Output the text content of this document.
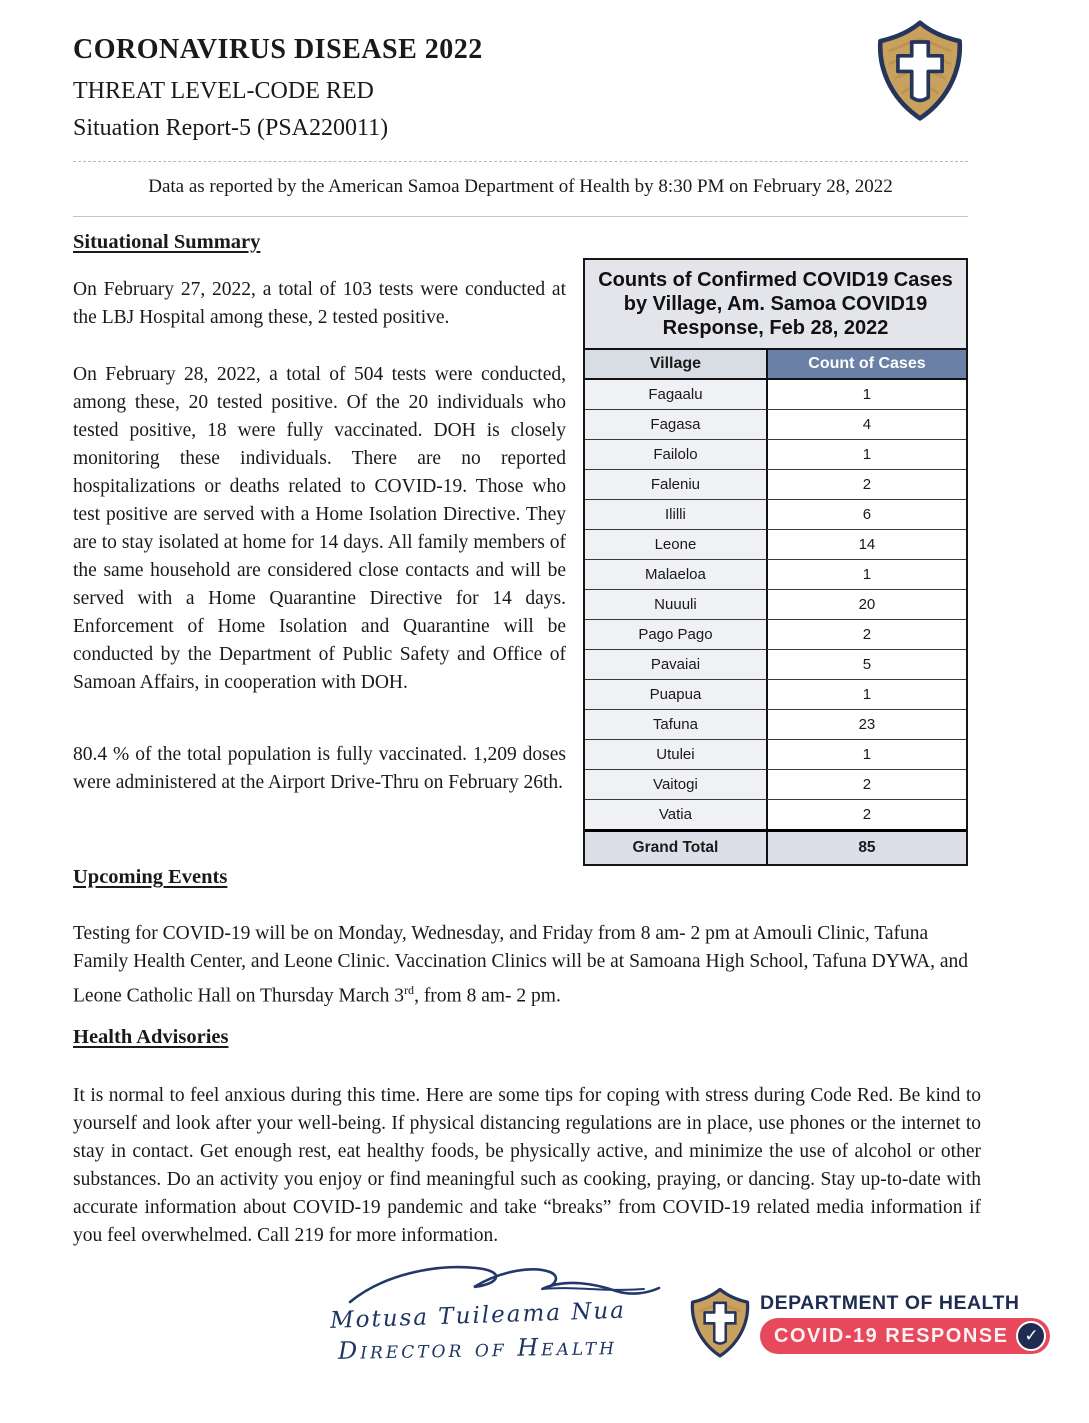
CORONAVIRUS DISEASE 2022
THREAT LEVEL-CODE RED
Situation Report-5 (PSA220011)
Data as reported by the American Samoa Department of Health by 8:30 PM on February 28, 2022
Situational Summary

On February 27, 2022, a total of 103 tests were conducted at the LBJ Hospital among these, 2 tested positive.

On February 28, 2022, a total of 504 tests were conducted, among these, 20 tested positive. Of the 20 individuals who tested positive, 18 were fully vaccinated. DOH is closely monitoring these individuals. There are no reported hospitalizations or deaths related to COVID-19. Those who test positive are served with a Home Isolation Directive. They are to stay isolated at home for 14 days. All family members of the same household are considered close contacts and will be served with a Home Quarantine Directive for 14 days. Enforcement of Home Isolation and Quarantine will be conducted by the Department of Public Safety and Office of Samoan Affairs, in cooperation with DOH.

80.4 % of the total population is fully vaccinated. 1,209 doses were administered at the Airport Drive-Thru on February 26th.

Counts of Confirmed COVID19 Cases by Village, Am. Samoa COVID19 Response, Feb 28, 2022
Village	Count of Cases
Fagaalu	1
Fagasa	4
Failolo	1
Faleniu	2
Ililli	6
Leone	14
Malaeloa	1
Nuuuli	20
Pago Pago	2
Pavaiai	5
Puapua	1
Tafuna	23
Utulei	1
Vaitogi	2
Vatia	2
Grand Total	85
Upcoming Events
Testing for COVID-19 will be on Monday, Wednesday, and Friday from 8 am- 2 pm at Amouli Clinic, Tafuna Family Health Center, and Leone Clinic. Vaccination Clinics will be at Samoana High School, Tafuna DYWA, and Leone Catholic Hall on Thursday March 3rd, from 8 am- 2 pm.
Health Advisories
It is normal to feel anxious during this time. Here are some tips for coping with stress during Code Red. Be kind to yourself and look after your well-being. If physical distancing regulations are in place, use phones or the internet to stay in contact. Get enough rest, eat healthy foods, be physically active, and minimize the use of alcohol or other substances. Do an activity you enjoy or find meaningful such as cooking, praying, or dancing. Stay up-to-date with accurate information about COVID-19 pandemic and take “breaks” from COVID-19 related media information if you feel overwhelmed. Call 219 for more information.
Motusa Tuileama Nua
Director of Health
DEPARTMENT OF HEALTH
COVID-19 RESPONSE ✓
